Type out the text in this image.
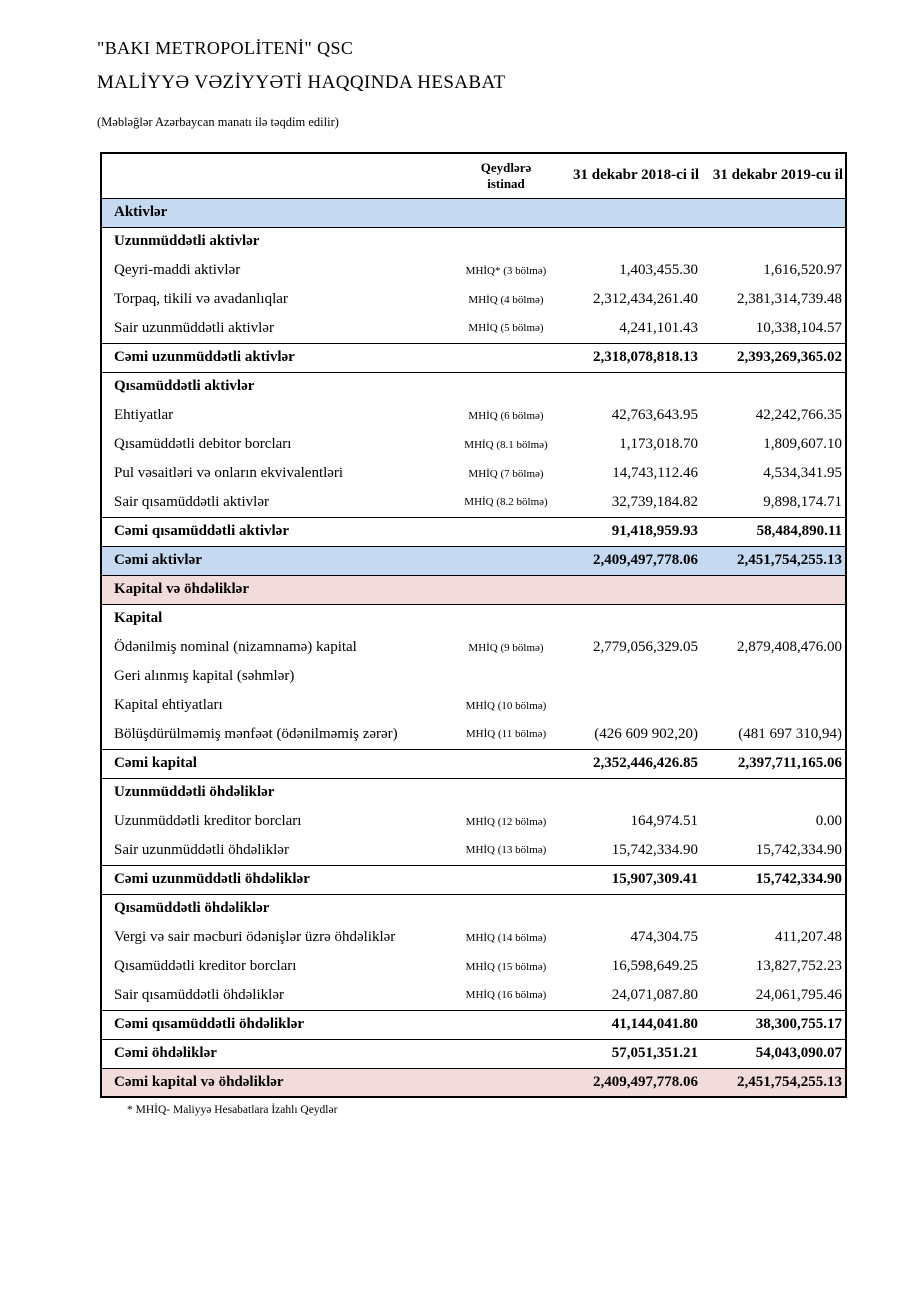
"BAKI METROPOLİTENİ" QSC
MALİYYƏ VƏZİYYƏTİ HAQQINDA HESABAT
(Məbləğlər Azərbaycan manatı ilə təqdim edilir)
	Qeydlərə istinad	31 dekabr 2018-ci il	31 dekabr 2019-cu il
Aktivlər			
Uzunmüddətli aktivlər			
Qeyri-maddi aktivlər	MHİQ* (3 bölmə)	1,403,455.30	1,616,520.97
Torpaq, tikili və avadanlıqlar	MHİQ (4 bölmə)	2,312,434,261.40	2,381,314,739.48
Sair uzunmüddətli aktivlər	MHİQ (5 bölmə)	4,241,101.43	10,338,104.57
Cəmi uzunmüddətli aktivlər		2,318,078,818.13	2,393,269,365.02
Qısamüddətli aktivlər			
Ehtiyatlar	MHİQ (6 bölmə)	42,763,643.95	42,242,766.35
Qısamüddətli debitor borcları	MHİQ (8.1 bölmə)	1,173,018.70	1,809,607.10
Pul vəsaitləri və onların ekvivalentləri	MHİQ (7 bölmə)	14,743,112.46	4,534,341.95
Sair qısamüddətli aktivlər	MHİQ (8.2 bölmə)	32,739,184.82	9,898,174.71
Cəmi qısamüddətli aktivlər		91,418,959.93	58,484,890.11
Cəmi aktivlər		2,409,497,778.06	2,451,754,255.13
Kapital və öhdəliklər			
Kapital			
Ödənilmiş nominal (nizamnamə) kapital	MHİQ (9 bölmə)	2,779,056,329.05	2,879,408,476.00
Geri alınmış kapital (səhmlər)			
Kapital ehtiyatları	MHİQ (10 bölmə)		
Bölüşdürülməmiş mənfəət (ödənilməmiş zərər)	MHİQ (11 bölmə)	(426 609 902,20)	(481 697 310,94)
Cəmi kapital		2,352,446,426.85	2,397,711,165.06
Uzunmüddətli öhdəliklər			
Uzunmüddətli kreditor borcları	MHİQ (12 bölmə)	164,974.51	0.00
Sair uzunmüddətli öhdəliklər	MHİQ (13 bölmə)	15,742,334.90	15,742,334.90
Cəmi uzunmüddətli öhdəliklər		15,907,309.41	15,742,334.90
Qısamüddətli öhdəliklər			
Vergi və sair məcburi ödənişlər üzrə öhdəliklər	MHİQ (14 bölmə)	474,304.75	411,207.48
Qısamüddətli kreditor borcları	MHİQ (15 bölmə)	16,598,649.25	13,827,752.23
Sair qısamüddətli öhdəliklər	MHİQ (16 bölmə)	24,071,087.80	24,061,795.46
Cəmi qısamüddətli öhdəliklər		41,144,041.80	38,300,755.17
Cəmi öhdəliklər		57,051,351.21	54,043,090.07
Cəmi kapital və öhdəliklər		2,409,497,778.06	2,451,754,255.13
* MHİQ- Maliyyə Hesabatlara İzahlı Qeydlər
